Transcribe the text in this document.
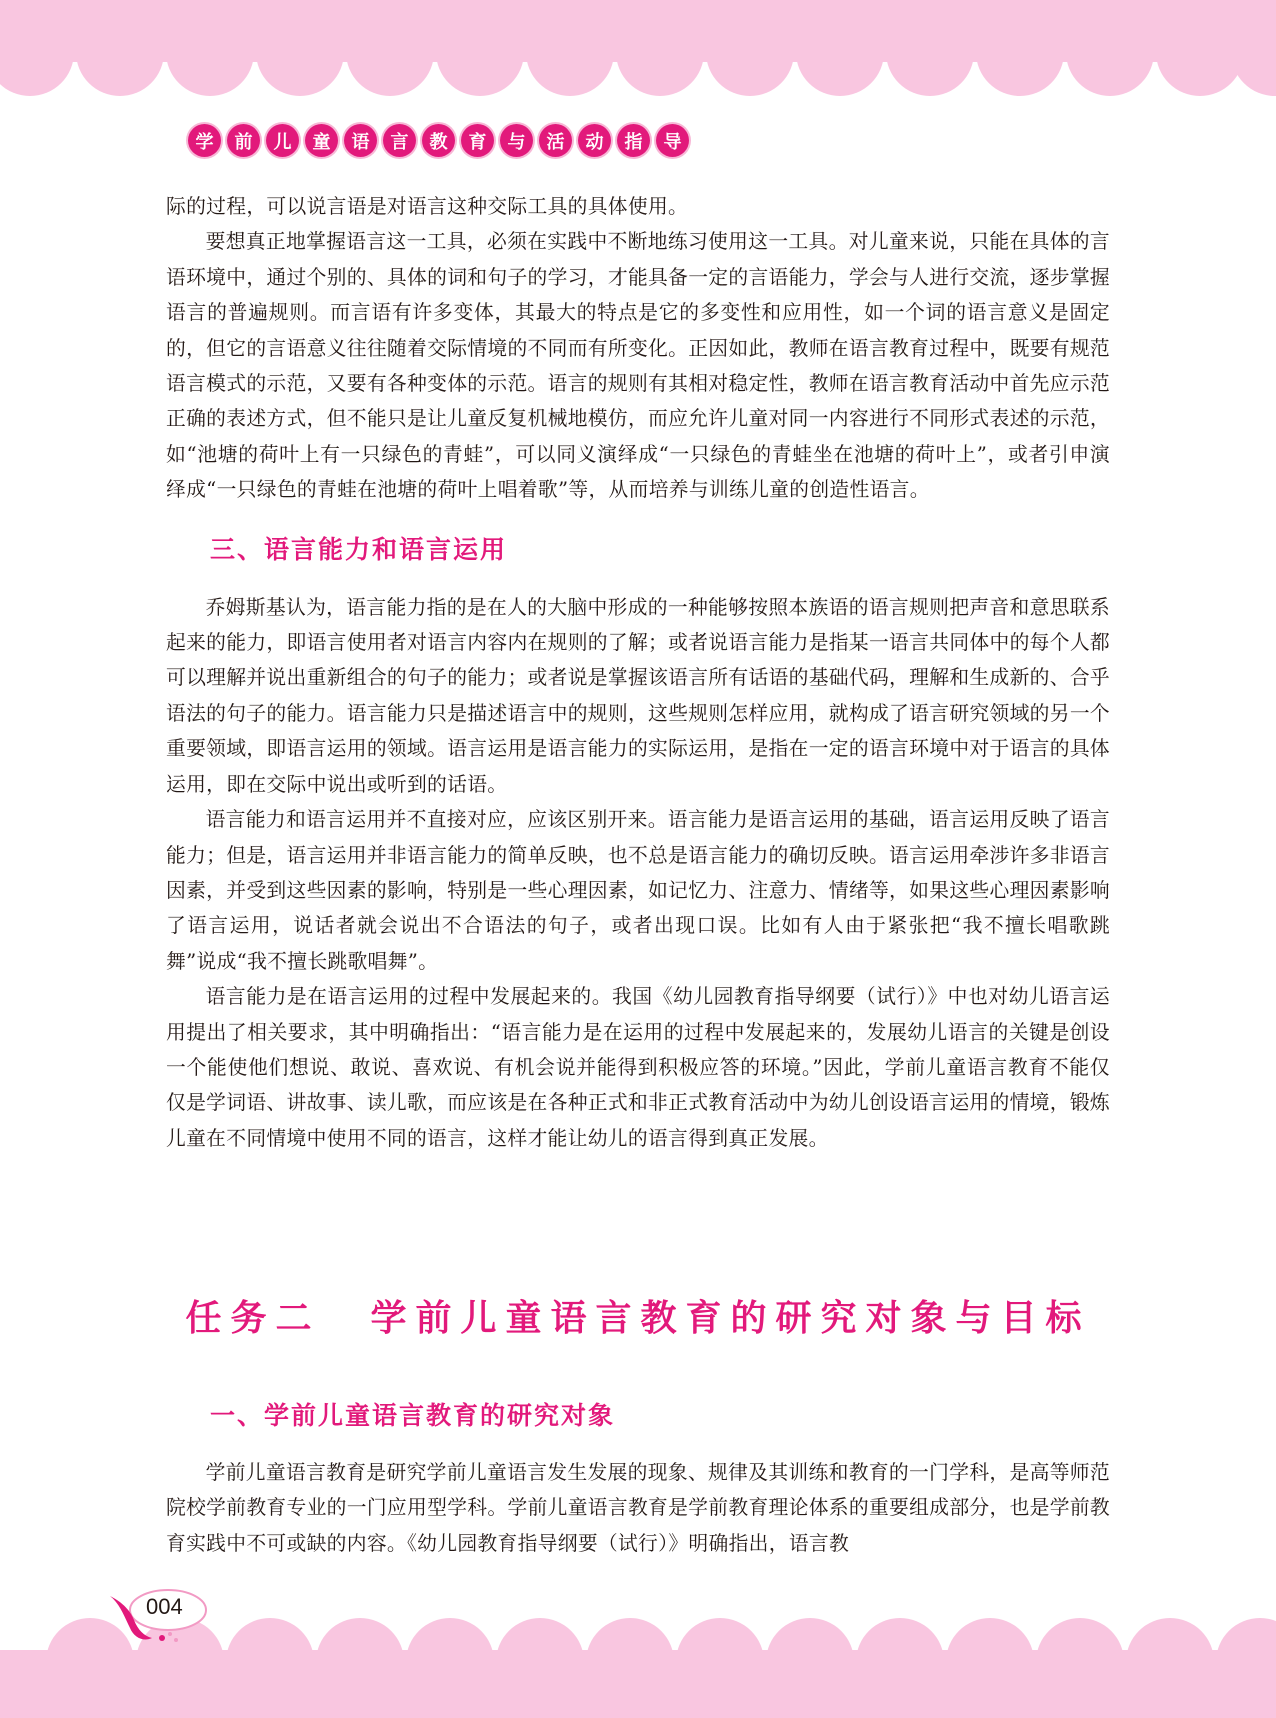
学	前	儿	童	语	言	教	育	与	活	动	指	导

际的过程，可以说言语是对语言这种交际工具的具体使用。

要想真正地掌握语言这一工具，必须在实践中不断地练习使用这一工具。对儿童来说，只能在具体的言语环境中，通过个别的、具体的词和句子的学习，才能具备一定的言语能力，学会与人进行交流，逐步掌握语言的普遍规则。而言语有许多变体，其最大的特点是它的多变性和应用性，如一个词的语言意义是固定的，但它的言语意义往往随着交际情境的不同而有所变化。正因如此，教师在语言教育过程中，既要有规范语言模式的示范，又要有各种变体的示范。语言的规则有其相对稳定性，教师在语言教育活动中首先应示范正确的表述方式，但不能只是让儿童反复机械地模仿，而应允许儿童对同一内容进行不同形式表述的示范，如“池塘的荷叶上有一只绿色的青蛙”，可以同义演绎成“一只绿色的青蛙坐在池塘的荷叶上”，或者引申演绎成“一只绿色的青蛙在池塘的荷叶上唱着歌”等，从而培养与训练儿童的创造性语言。

三、语言能力和语言运用

乔姆斯基认为，语言能力指的是在人的大脑中形成的一种能够按照本族语的语言规则把声音和意思联系起来的能力，即语言使用者对语言内容内在规则的了解；或者说语言能力是指某一语言共同体中的每个人都可以理解并说出重新组合的句子的能力；或者说是掌握该语言所有话语的基础代码，理解和生成新的、合乎语法的句子的能力。语言能力只是描述语言中的规则，这些规则怎样应用，就构成了语言研究领域的另一个重要领域，即语言运用的领域。语言运用是语言能力的实际运用，是指在一定的语言环境中对于语言的具体运用，即在交际中说出或听到的话语。

语言能力和语言运用并不直接对应，应该区别开来。语言能力是语言运用的基础，语言运用反映了语言能力；但是，语言运用并非语言能力的简单反映，也不总是语言能力的确切反映。语言运用牵涉许多非语言因素，并受到这些因素的影响，特别是一些心理因素，如记忆力、注意力、情绪等，如果这些心理因素影响了语言运用，说话者就会说出不合语法的句子，或者出现口误。比如有人由于紧张把“我不擅长唱歌跳舞”说成“我不擅长跳歌唱舞”。

语言能力是在语言运用的过程中发展起来的。我国《幼儿园教育指导纲要（试行）》中也对幼儿语言运用提出了相关要求，其中明确指出：“语言能力是在运用的过程中发展起来的，发展幼儿语言的关键是创设一个能使他们想说、敢说、喜欢说、有机会说并能得到积极应答的环境。”因此，学前儿童语言教育不能仅仅是学词语、讲故事、读儿歌，而应该是在各种正式和非正式教育活动中为幼儿创设语言运用的情境，锻炼儿童在不同情境中使用不同的语言，这样才能让幼儿的语言得到真正发展。

任务二 学前儿童语言教育的研究对象与目标
一、学前儿童语言教育的研究对象

学前儿童语言教育是研究学前儿童语言发生发展的现象、规律及其训练和教育的一门学科，是高等师范院校学前教育专业的一门应用型学科。学前儿童语言教育是学前教育理论体系的重要组成部分，也是学前教育实践中不可或缺的内容。《幼儿园教育指导纲要（试行）》明确指出，语言教

004
